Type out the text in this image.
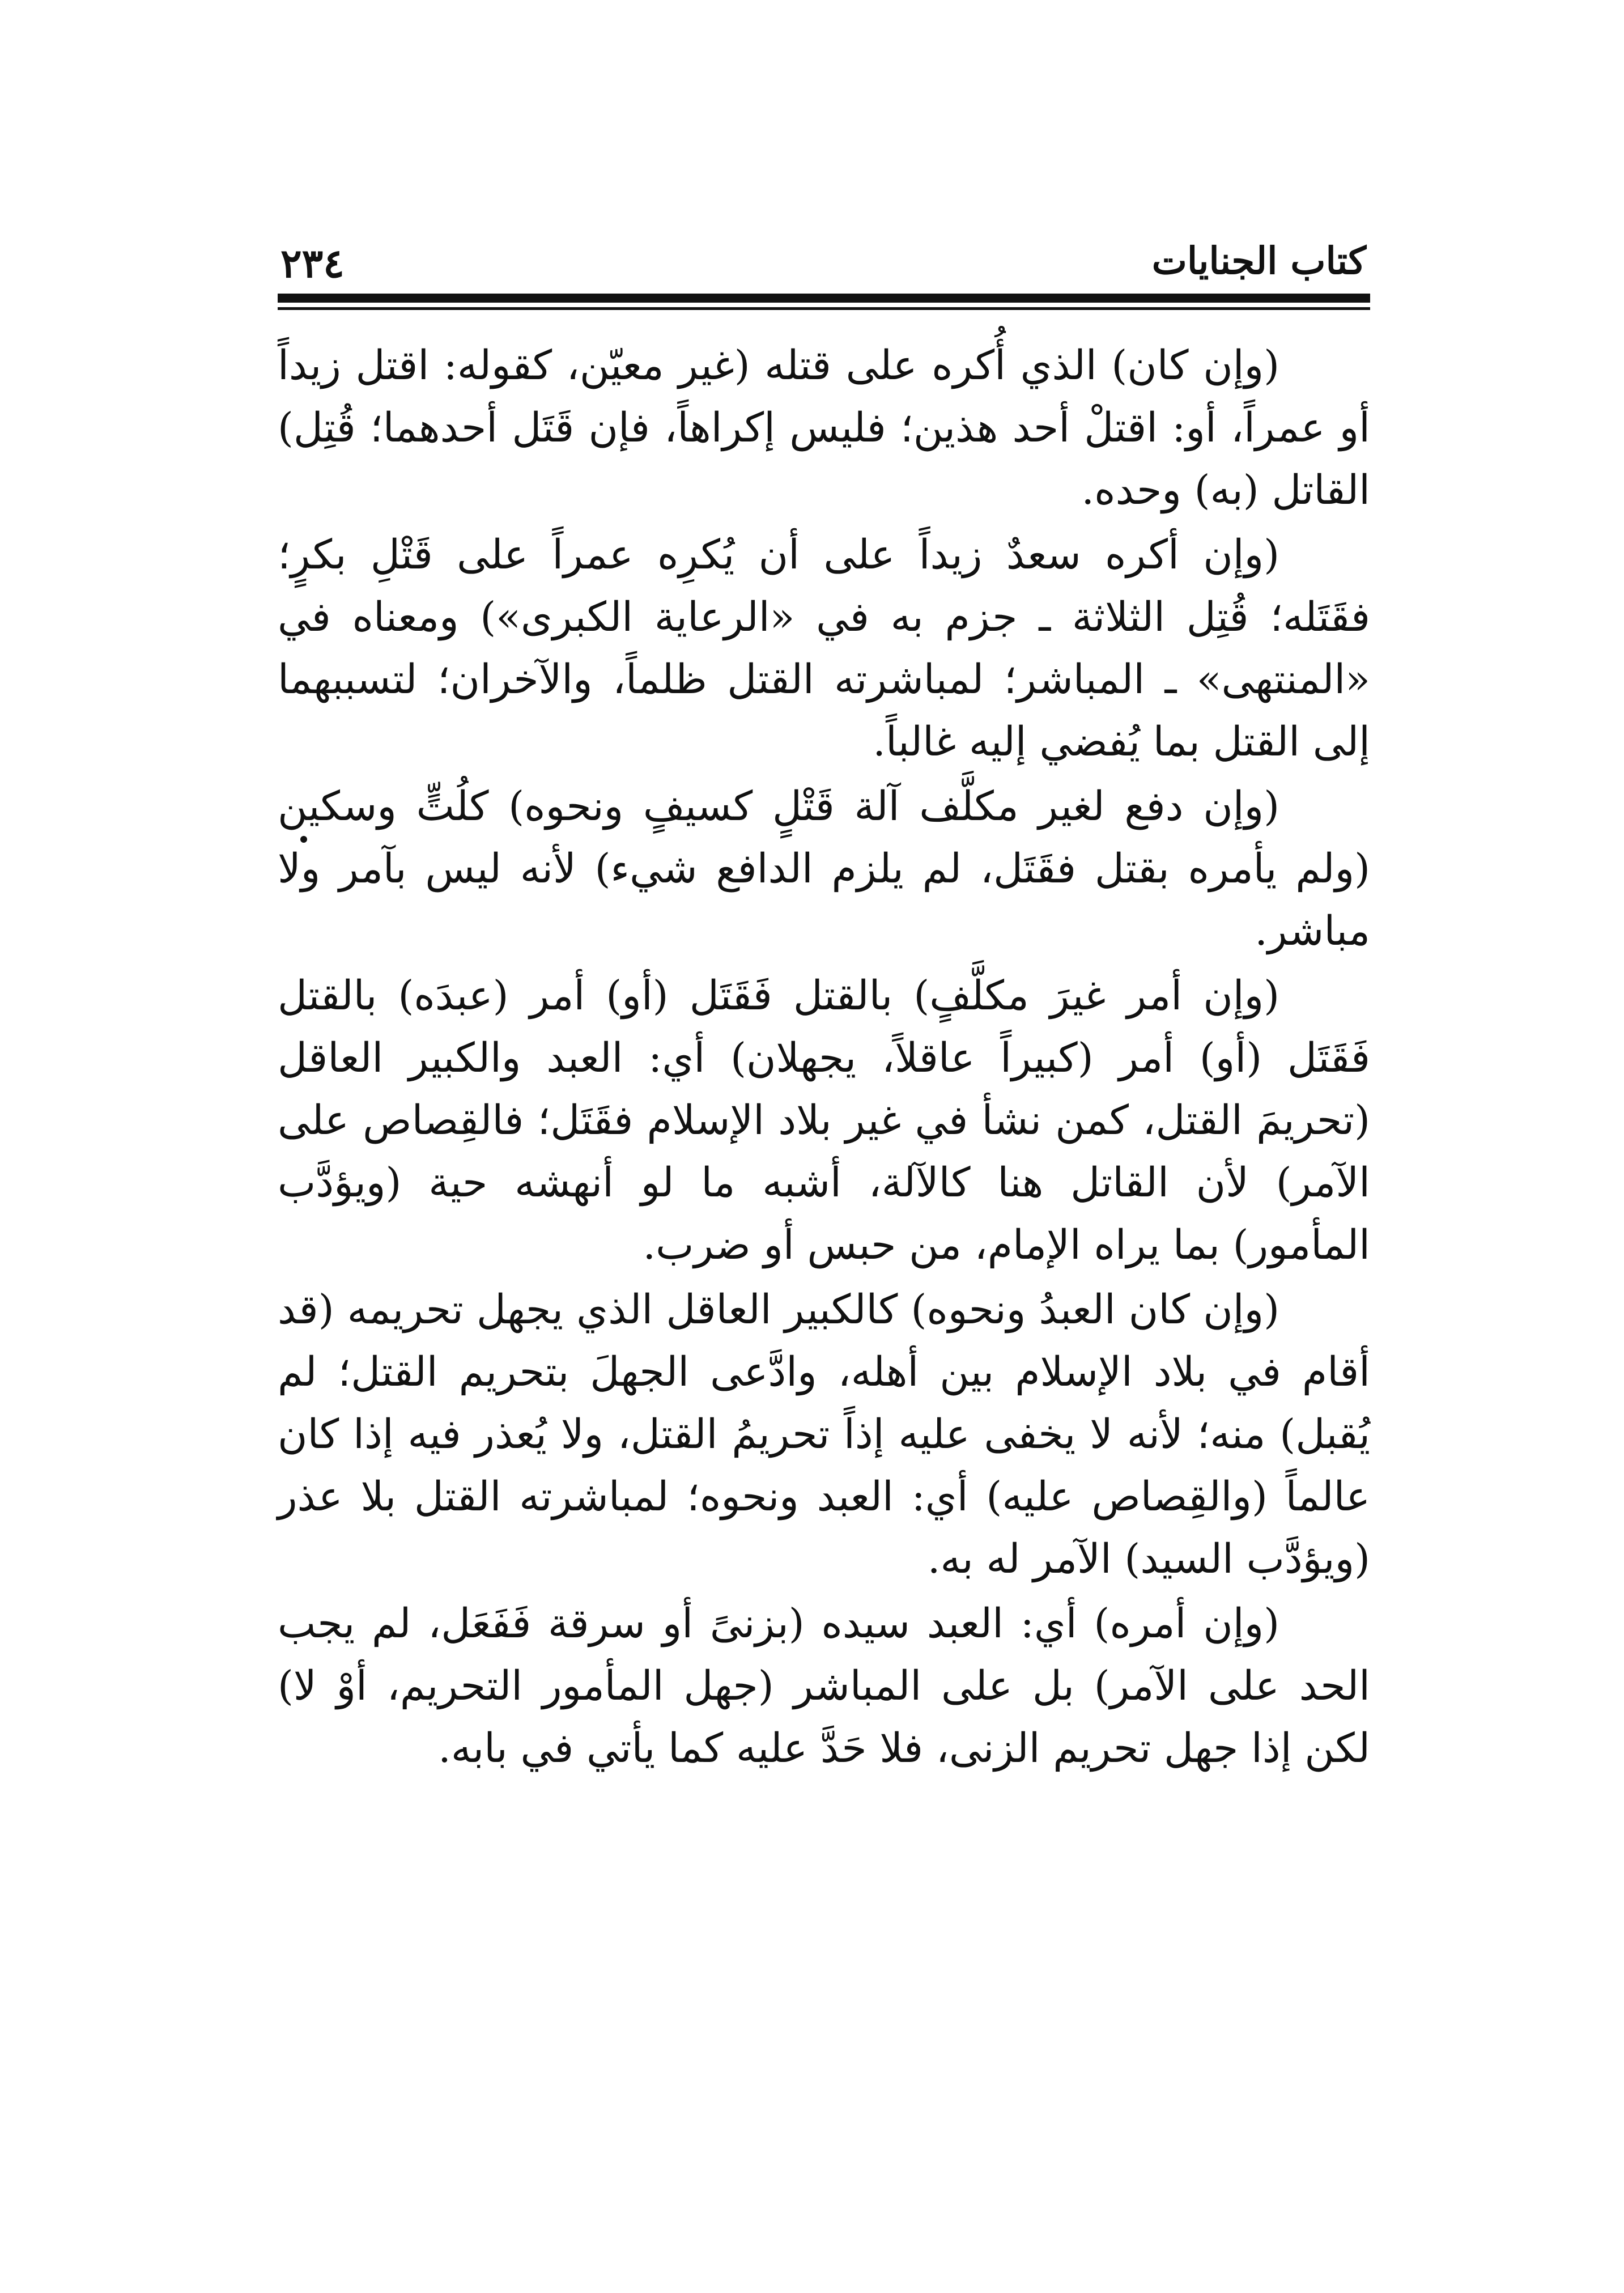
كتاب الجنايات
٢٣٤

(وإن كان) الذي أُكره على قتله (غير معيّن، كقوله: اقتل زيداً أو عمراً، أو: اقتلْ أحد هذين؛ فليس إكراهاً، فإن قَتَل أحدهما؛ قُتِل) القاتل (به) وحده.

(وإن أكره سعدٌ زيداً على أن يُكرِه عمراً على قَتْلِ بكرٍ؛ فقَتَله؛ قُتِل الثلاثة ـ جزم به في «الرعاية الكبرى») ومعناه في «المنتهى» ـ المباشر؛ لمباشرته القتل ظلماً، والآخران؛ لتسببهما إلى القتل بما يُفضي إليه غالباً.

(وإن دفع لغير مكلَّف آلة قَتْلٍ كسيفٍ ونحوه) كلُتٍّ وسكين (ولم يأمره بقتل فقَتَل، لم يلزم الدافع شيء) لأنه ليس بآمر ولا مباشر.

(وإن أمر غيرَ مكلَّفٍ) بالقتل فَقَتَل (أو) أمر (عبدَه) بالقتل فَقَتَل (أو) أمر (كبيراً عاقلاً، يجهلان) أي: العبد والكبير العاقل (تحريمَ القتل، كمن نشأ في غير بلاد الإسلام فقَتَل؛ فالقِصاص على الآمر) لأن القاتل هنا كالآلة، أشبه ما لو أنهشه حية (ويؤدَّب المأمور) بما يراه الإمام، من حبس أو ضرب.

(وإن كان العبدُ ونحوه) كالكبير العاقل الذي يجهل تحريمه (قد أقام في بلاد الإسلام بين أهله، وادَّعى الجهلَ بتحريم القتل؛ لم يُقبل) منه؛ لأنه لا يخفى عليه إذاً تحريمُ القتل، ولا يُعذر فيه إذا كان عالماً (والقِصاص عليه) أي: العبد ونحوه؛ لمباشرته القتل بلا عذر (ويؤدَّب السيد) الآمر له به.

(وإن أمره) أي: العبد سيده (بزنىً أو سرقة فَفَعَل، لم يجب الحد على الآمر) بل على المباشر (جهل المأمور التحريم، أوْ لا) لكن إذا جهل تحريم الزنى، فلا حَدَّ عليه كما يأتي في بابه.
